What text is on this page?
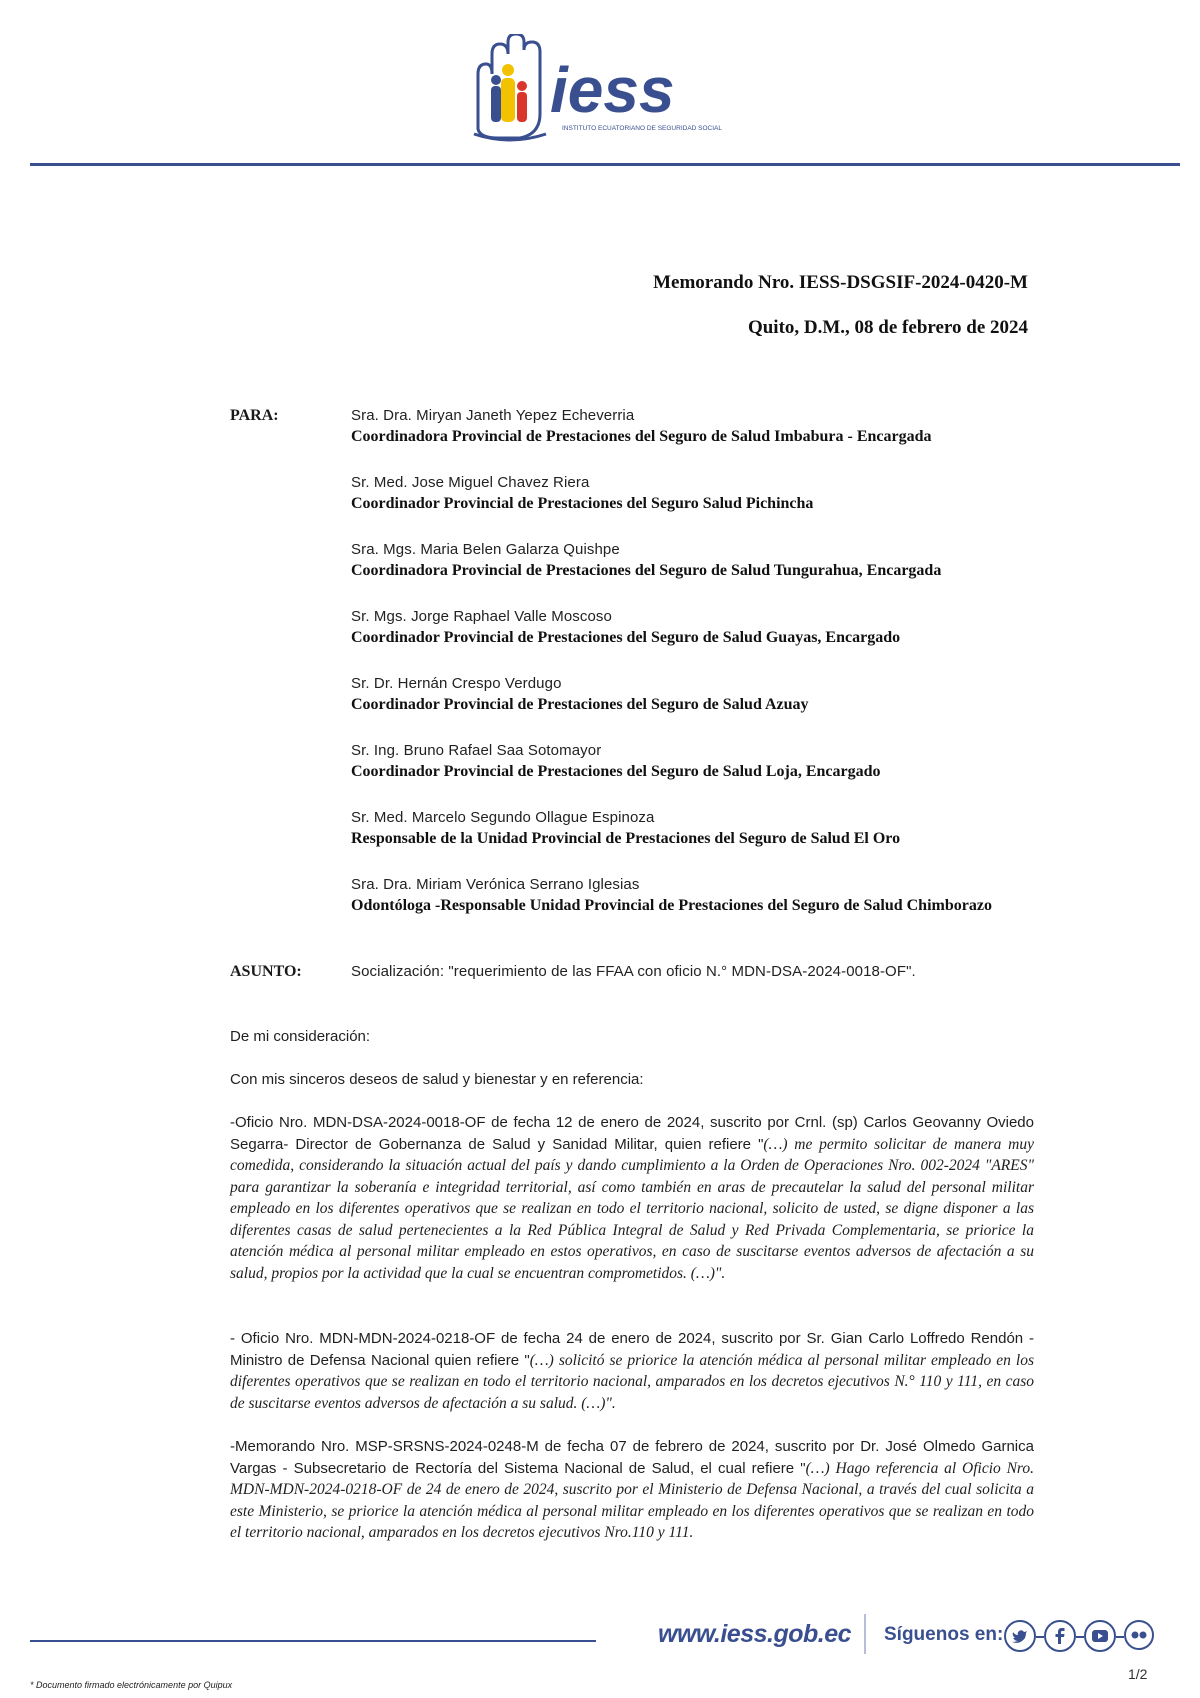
iess
INSTITUTO ECUATORIANO DE SEGURIDAD SOCIAL
Memorando Nro. IESS-DSGSIF-2024-0420-M
Quito, D.M., 08 de febrero de 2024
PARA:	Sra. Dra. Miryan Janeth Yepez Echeverria
Coordinadora Provincial de Prestaciones del Seguro de Salud Imbabura - Encargada
Sr. Med. Jose Miguel Chavez Riera
Coordinador Provincial de Prestaciones del Seguro Salud Pichincha
Sra. Mgs. Maria Belen Galarza Quishpe
Coordinadora Provincial de Prestaciones del Seguro de Salud Tungurahua, Encargada
Sr. Mgs. Jorge Raphael Valle Moscoso
Coordinador Provincial de Prestaciones del Seguro de Salud Guayas, Encargado
Sr. Dr. Hernán Crespo Verdugo
Coordinador Provincial de Prestaciones del Seguro de Salud Azuay
Sr. Ing. Bruno Rafael Saa Sotomayor
Coordinador Provincial de Prestaciones del Seguro de Salud Loja, Encargado
Sr. Med. Marcelo Segundo Ollague Espinoza
Responsable de la Unidad Provincial de Prestaciones del Seguro de Salud El Oro
Sra. Dra. Miriam Verónica Serrano Iglesias
Odontóloga -Responsable Unidad Provincial de Prestaciones del Seguro de Salud Chimborazo
ASUNTO:	Socialización: "requerimiento de las FFAA con oficio N.° MDN-DSA-2024-0018-OF".
De mi consideración:
Con mis sinceros deseos de salud y bienestar y en referencia:

-Oficio Nro. MDN-DSA-2024-0018-OF de fecha 12 de enero de 2024, suscrito por Crnl. (sp) Carlos Geovanny Oviedo Segarra- Director de Gobernanza de Salud y Sanidad Militar, quien refiere "(…) me permito solicitar de manera muy comedida, considerando la situación actual del país y dando cumplimiento a la Orden de Operaciones Nro. 002-2024 "ARES" para garantizar la soberanía e integridad territorial, así como también en aras de precautelar la salud del personal militar empleado en los diferentes operativos que se realizan en todo el territorio nacional, solicito de usted, se digne disponer a las diferentes casas de salud pertenecientes a la Red Pública Integral de Salud y Red Privada Complementaria, se priorice la atención médica al personal militar empleado en estos operativos, en caso de suscitarse eventos adversos de afectación a su salud, propios por la actividad que la cual se encuentran comprometidos. (…)".

- Oficio Nro. MDN-MDN-2024-0218-OF de fecha 24 de enero de 2024, suscrito por Sr. Gian Carlo Loffredo Rendón - Ministro de Defensa Nacional quien refiere "(…) solicitó se priorice la atención médica al personal militar empleado en los diferentes operativos que se realizan en todo el territorio nacional, amparados en los decretos ejecutivos N.° 110 y 111, en caso de suscitarse eventos adversos de afectación a su salud. (…)".

-Memorando Nro. MSP-SRSNS-2024-0248-M de fecha 07 de febrero de 2024, suscrito por Dr. José Olmedo Garnica Vargas - Subsecretario de Rectoría del Sistema Nacional de Salud, el cual refiere "(…) Hago referencia al Oficio Nro. MDN-MDN-2024-0218-OF de 24 de enero de 2024, suscrito por el Ministerio de Defensa Nacional, a través del cual solicita a este Ministerio, se priorice la atención médica al personal militar empleado en los diferentes operativos que se realizan en todo el territorio nacional, amparados en los decretos ejecutivos Nro.110 y 111.

www.iess.gob.ec Síguenos en:
1/2
* Documento firmado electrónicamente por Quipux
